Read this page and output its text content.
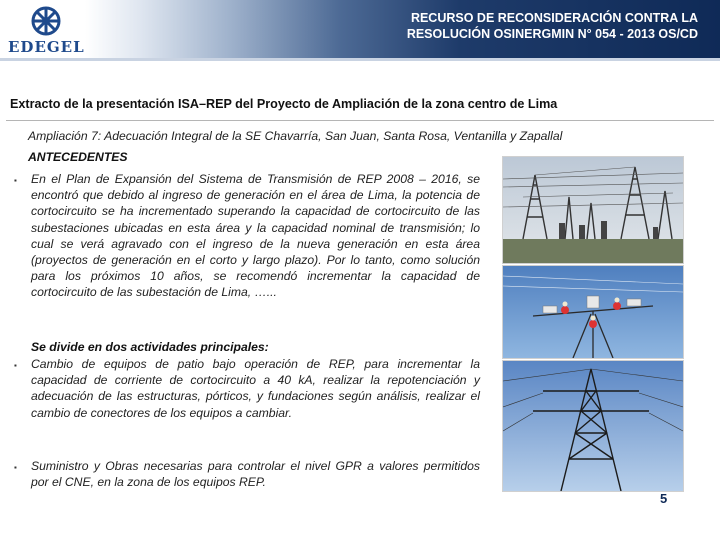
EDEGEL
RECURSO DE RECONSIDERACIÓN CONTRA LA
RESOLUCIÓN OSINERGMIN N° 054 - 2013 OS/CD
Extracto de la presentación ISA–REP del Proyecto de Ampliación de la zona centro de Lima
Ampliación 7: Adecuación Integral de la SE Chavarría, San Juan, Santa Rosa, Ventanilla y Zapallal
ANTECEDENTES
▪ En el Plan de Expansión del Sistema de Transmisión de REP 2008 – 2016, se encontró que debido al ingreso de generación en el área de Lima, la potencia de cortocircuito se ha incrementado superando la capacidad de cortocircuito de las subestaciones ubicadas en esta área y la capacidad nominal de transmisión; lo cual se verá agravado con el ingreso de la nueva generación en esta área (proyectos de generación en el corto y largo plazo). Por lo tanto, como solución para los próximos 10 años, se recomendó incrementar la capacidad de cortocircuito de las subestación de Lima, …...
Se divide en dos actividades principales:
▪ Cambio de equipos de patio bajo operación de REP, para incrementar la capacidad de corriente de cortocircuito a 40 kA, realizar la repotenciación y adecuación de las estructuras, pórticos, y fundaciones según análisis, realizar el cambio de conectores de los equipos a cambiar.
▪ Suministro y Obras necesarias para controlar el nivel GPR a valores permitidos por el CNE, en la zona de los equipos REP.
5
